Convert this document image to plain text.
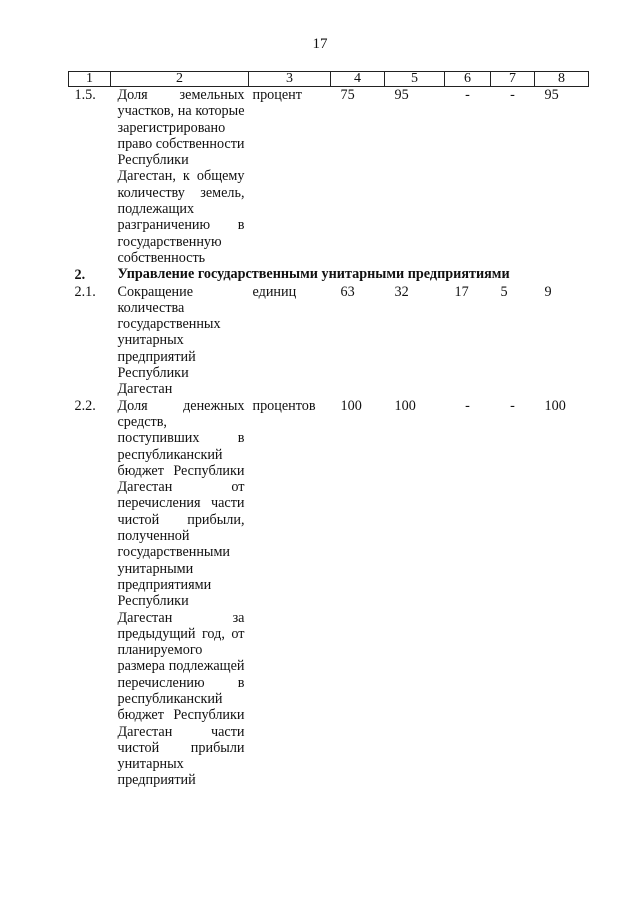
17
1	2	3	4	5	6	7	8
1.5.	Доля земельных участков, на которые зарегистрировано право собственности Республики Дагестан, к общему количеству земель, подлежащих разграничению в государственную собственность	процент	75	95	-	-	95
2.	Управление государственными унитарными предприятиями						
2.1.	Сокращение количества государственных унитарных предприятий Республики Дагестан	единиц	63	32	17	5	9
2.2.	Доля денежных средств, поступивших в республиканский бюджет Республики Дагестан от перечисления части чистой прибыли, полученной государственными унитарными предприятиями Республики Дагестан за предыдущий год, от планируемого размера подлежащей перечислению в республиканский бюджет Республики Дагестан части чистой прибыли унитарных предприятий	процентов	100	100	-	-	100
